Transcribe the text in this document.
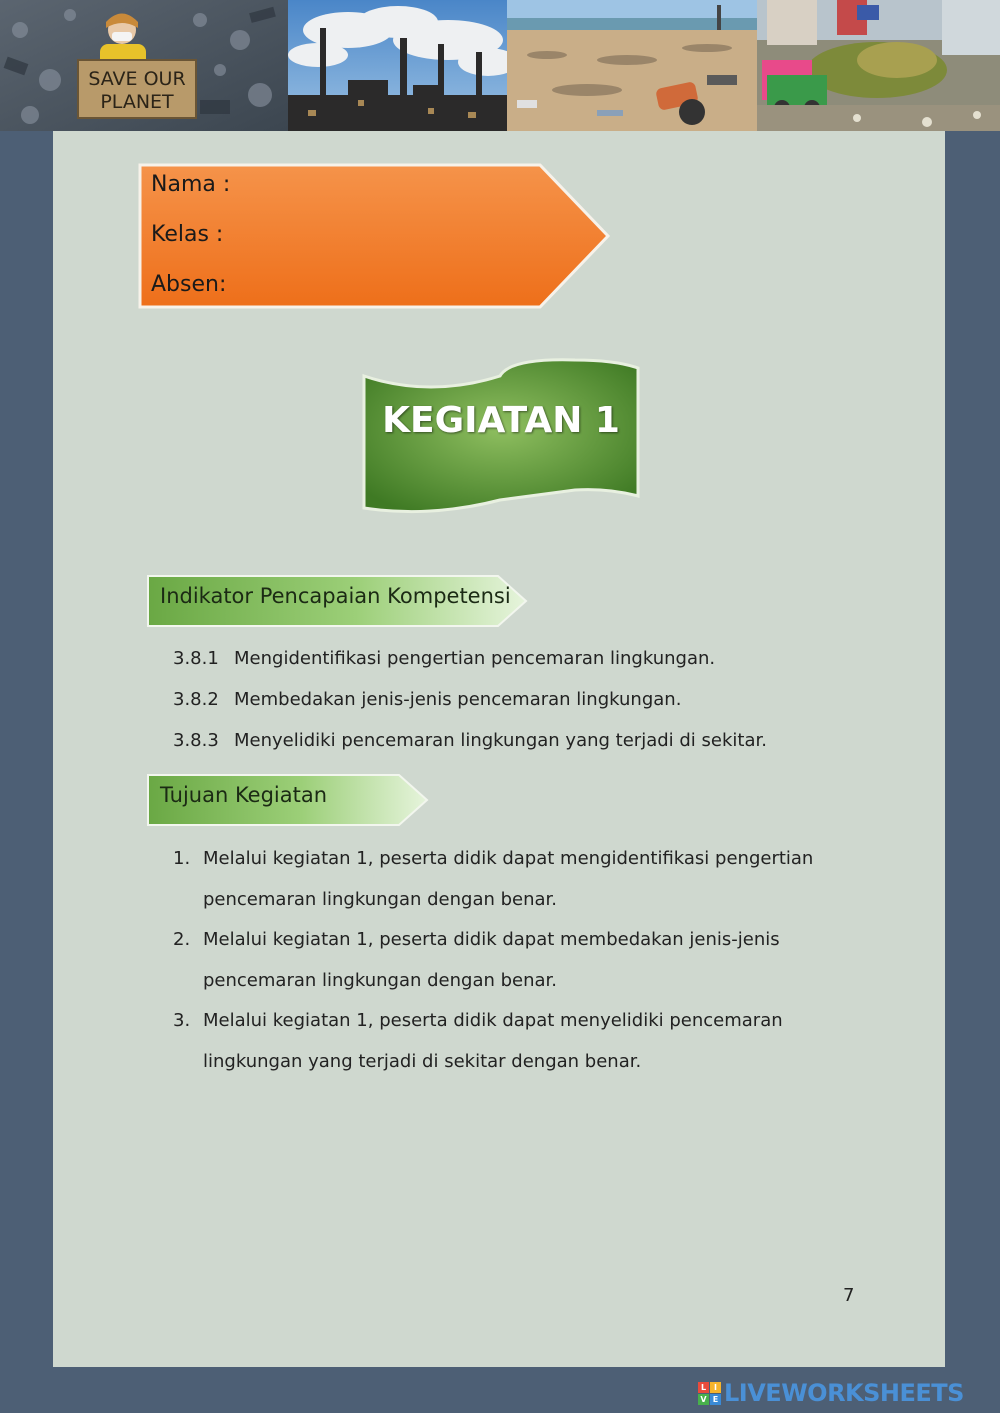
SAVE OUR
PLANET
Nama :
Kelas :
Absen:
KEGIATAN 1
Indikator Pencapaian Kompetensi
3.8.1 Mengidentifikasi pengertian pencemaran lingkungan.
3.8.2 Membedakan jenis-jenis pencemaran lingkungan.
3.8.3 Menyelidiki pencemaran lingkungan yang terjadi di sekitar.
Tujuan Kegiatan
1. Melalui kegiatan 1, peserta didik dapat mengidentifikasi pengertian
pencemaran lingkungan dengan benar.
2. Melalui kegiatan 1, peserta didik dapat membedakan jenis-jenis
pencemaran lingkungan dengan benar.
3. Melalui kegiatan 1, peserta didik dapat menyelidiki pencemaran
lingkungan yang terjadi di sekitar dengan benar.
7
L I
V E LIVEWORKSHEETS
